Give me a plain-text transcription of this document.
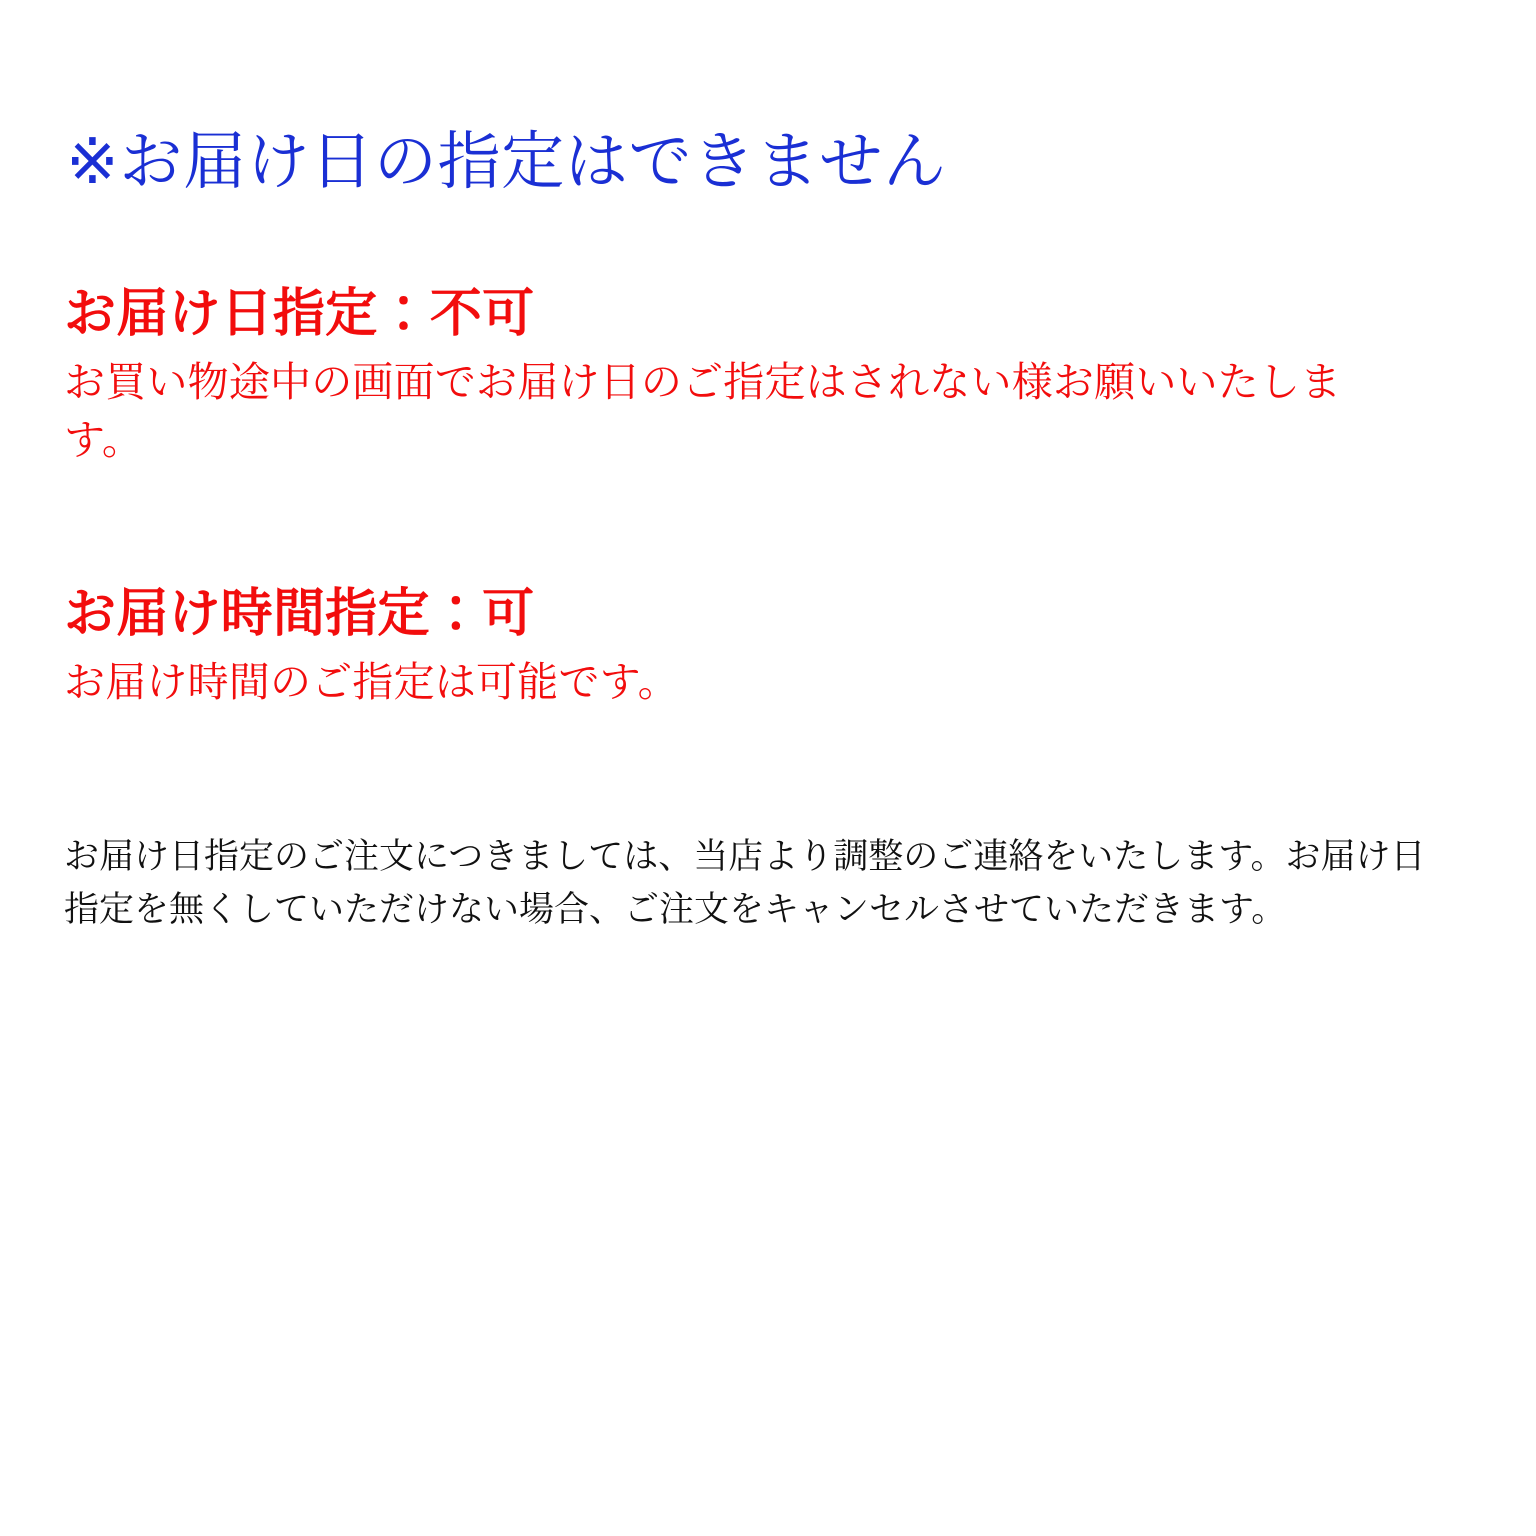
※お届け日の指定はできません
お届け日指定：不可

お買い物途中の画面でお届け日のご指定はされない様お願いいたします。

お届け時間指定：可

お届け時間のご指定は可能です。

お届け日指定のご注文につきましては、当店より調整のご連絡をいたします。お届け日指定を無くしていただけない場合、ご注文をキャンセルさせていただきます。
